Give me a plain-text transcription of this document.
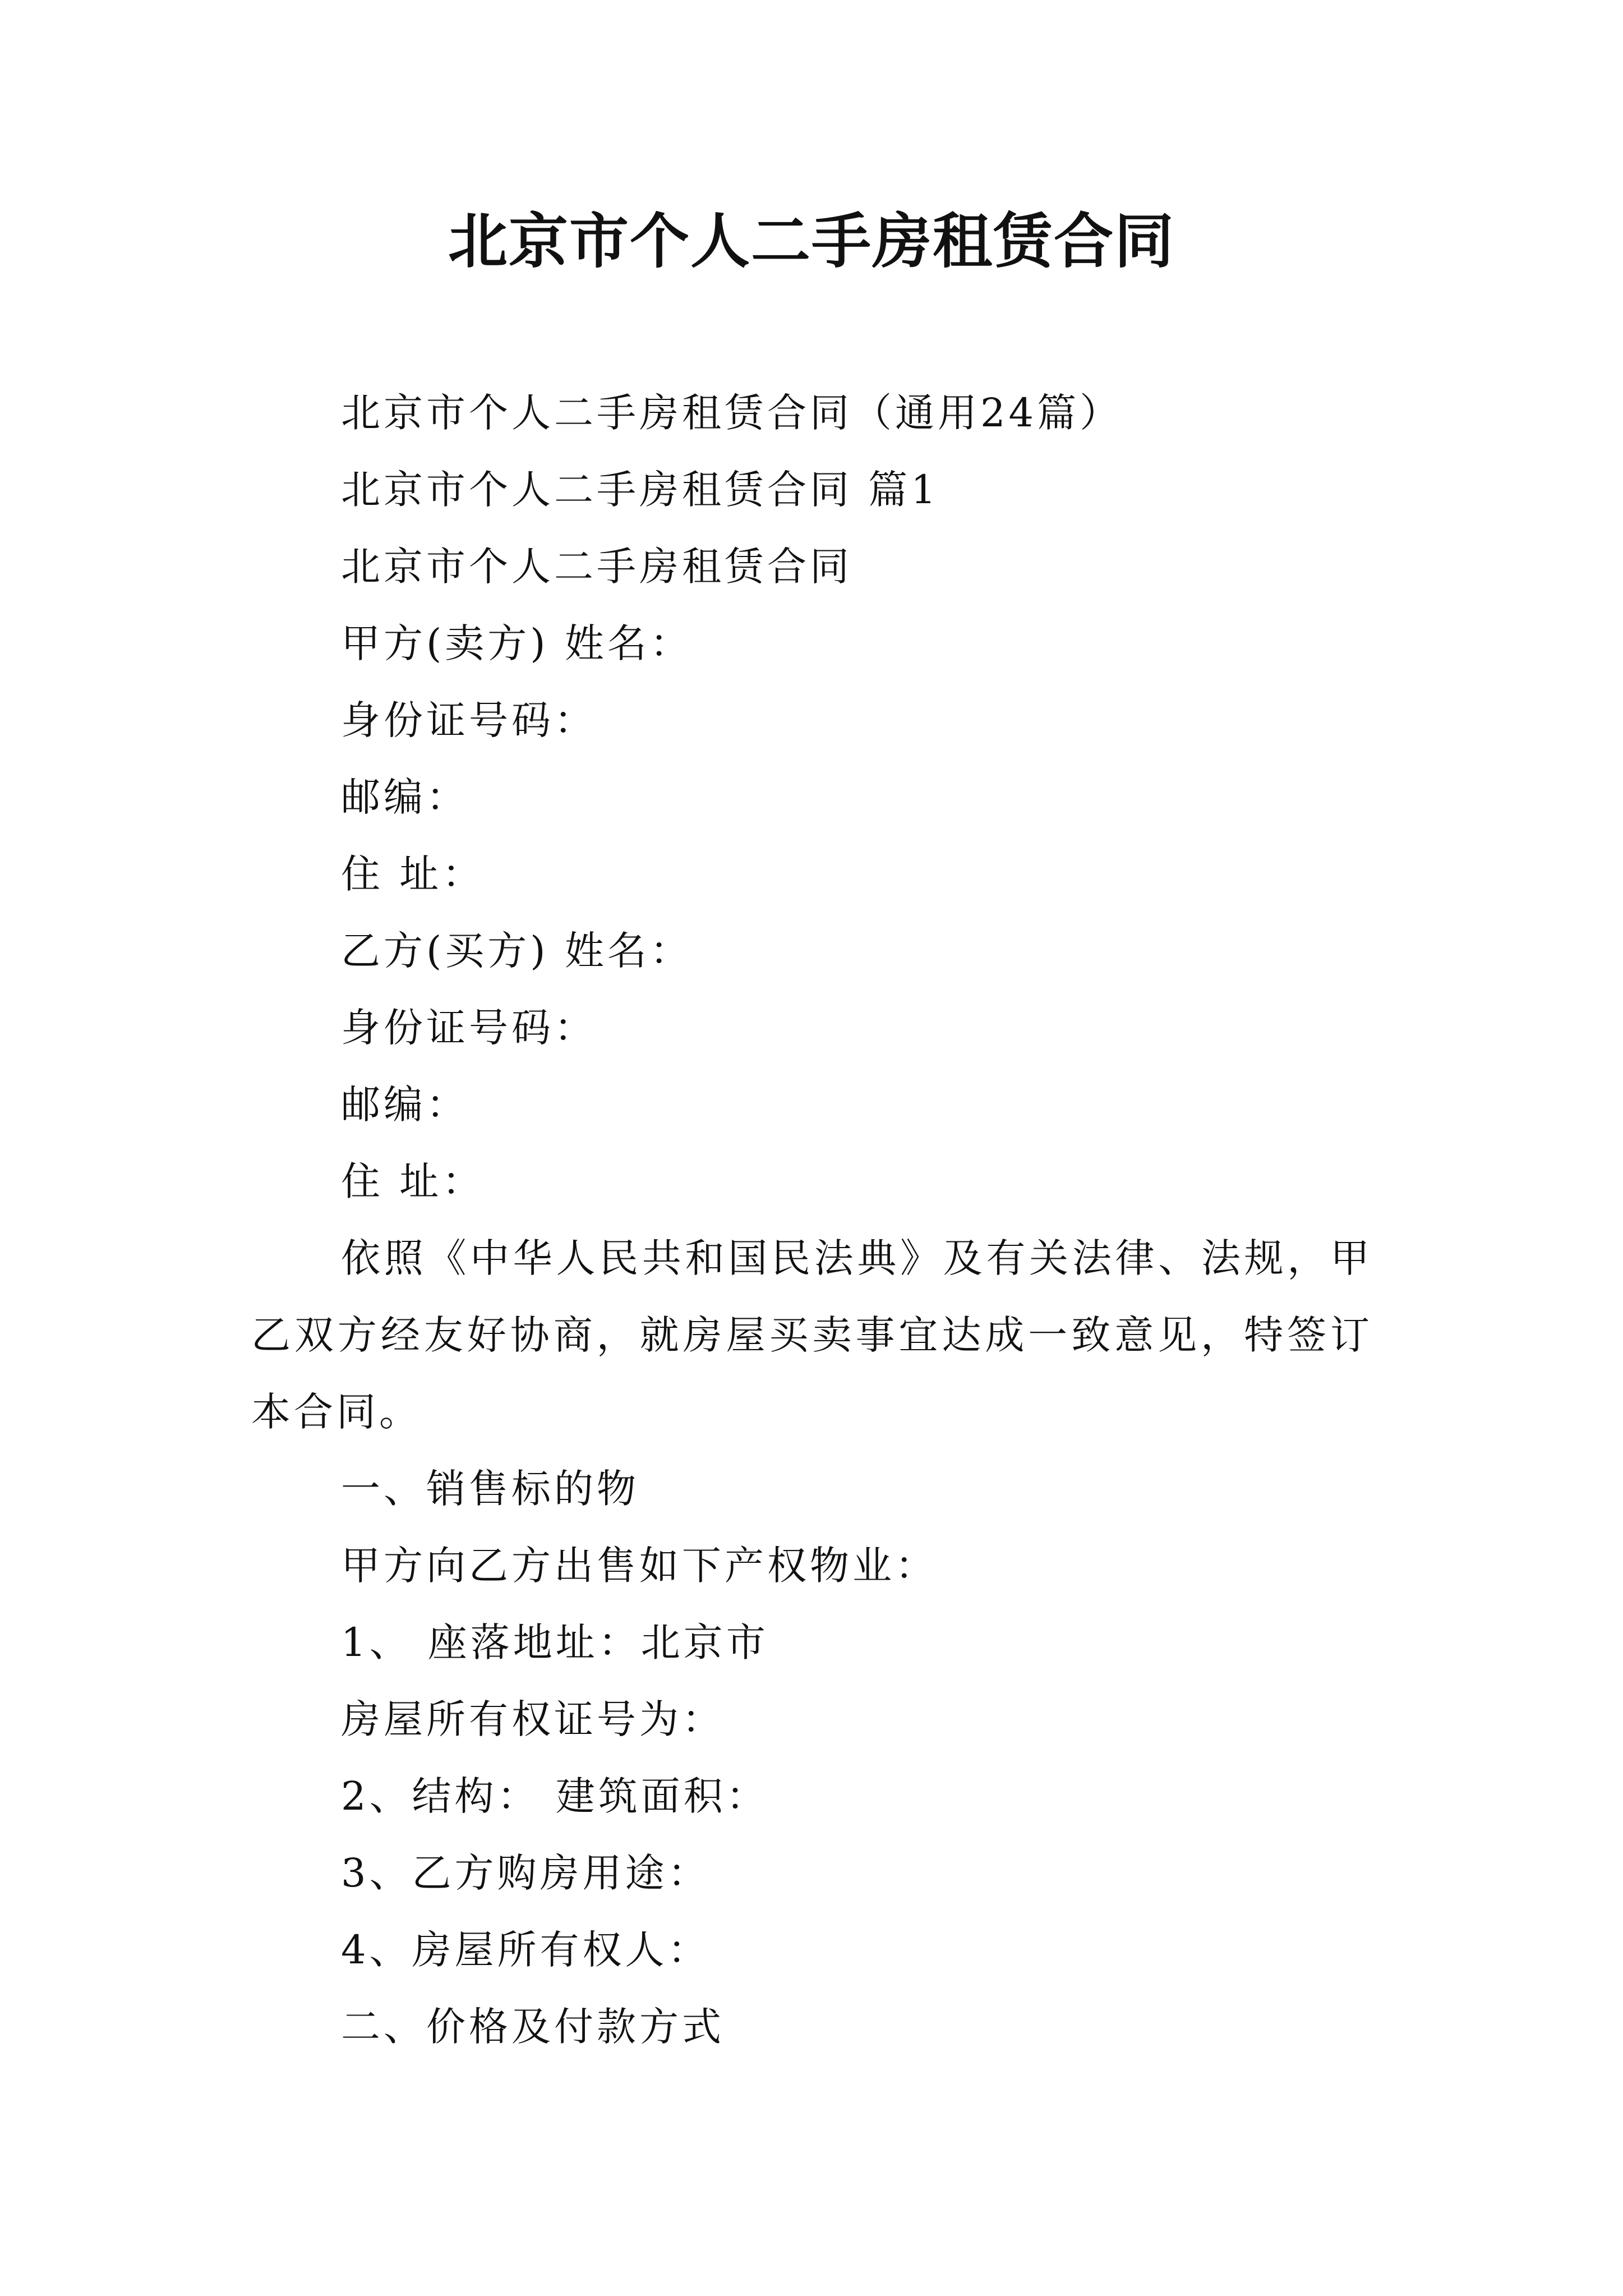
北京市个人二手房租赁合同
北京市个人二手房租赁合同（通用24篇）
北京市个人二手房租赁合同 篇1
北京市个人二手房租赁合同
甲方(卖方) 姓名：
身份证号码：
邮编：
住 址：
乙方(买方) 姓名：
身份证号码：
邮编：
住 址：

依照《中华人民共和国民法典》及有关法律、法规，甲乙双方经友好协商，就房屋买卖事宜达成一致意见，特签订本合同。

一、销售标的物
甲方向乙方出售如下产权物业：
1、 座落地址：北京市
房屋所有权证号为：
2、结构： 建筑面积：
3、乙方购房用途：
4、房屋所有权人：
二、价格及付款方式
